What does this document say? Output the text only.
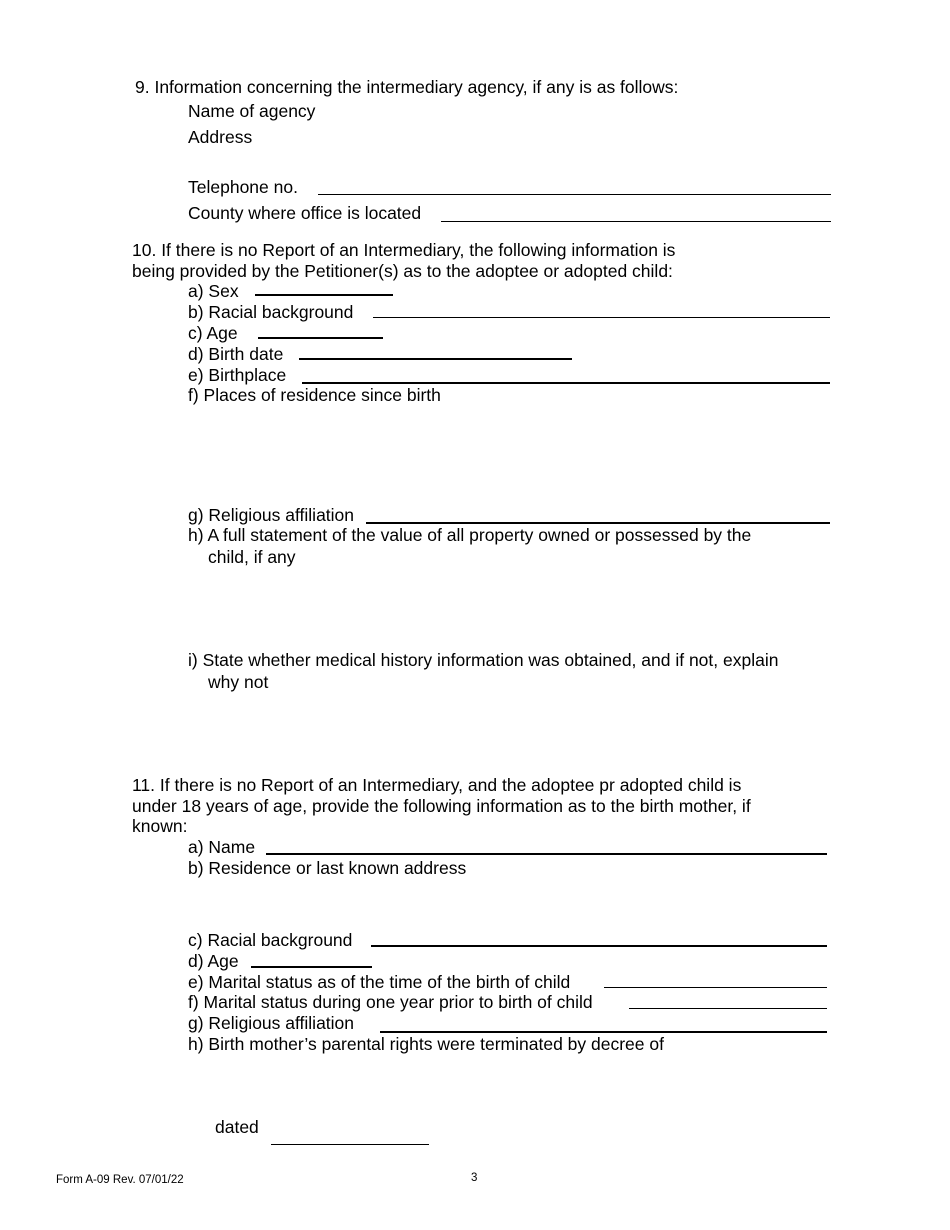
9. Information concerning the intermediary agency, if any is as follows:
Name of agency
Address
Telephone no.
County where office is located
10. If there is no Report of an Intermediary, the following information is
being provided by the Petitioner(s) as to the adoptee or adopted child:
a) Sex
b) Racial background
c) Age
d) Birth date
e) Birthplace
f) Places of residence since birth
g) Religious affiliation
h) A full statement of the value of all property owned or possessed by the
child, if any
i) State whether medical history information was obtained, and if not, explain
why not
11. If there is no Report of an Intermediary, and the adoptee pr adopted child is
under 18 years of age, provide the following information as to the birth mother, if
known:
a) Name
b) Residence or last known address
c) Racial background
d) Age
e) Marital status as of the time of the birth of child
f) Marital status during one year prior to birth of child
g) Religious affiliation
h) Birth mother’s parental rights were terminated by decree of
dated
Form A-09 Rev. 07/01/22	3
